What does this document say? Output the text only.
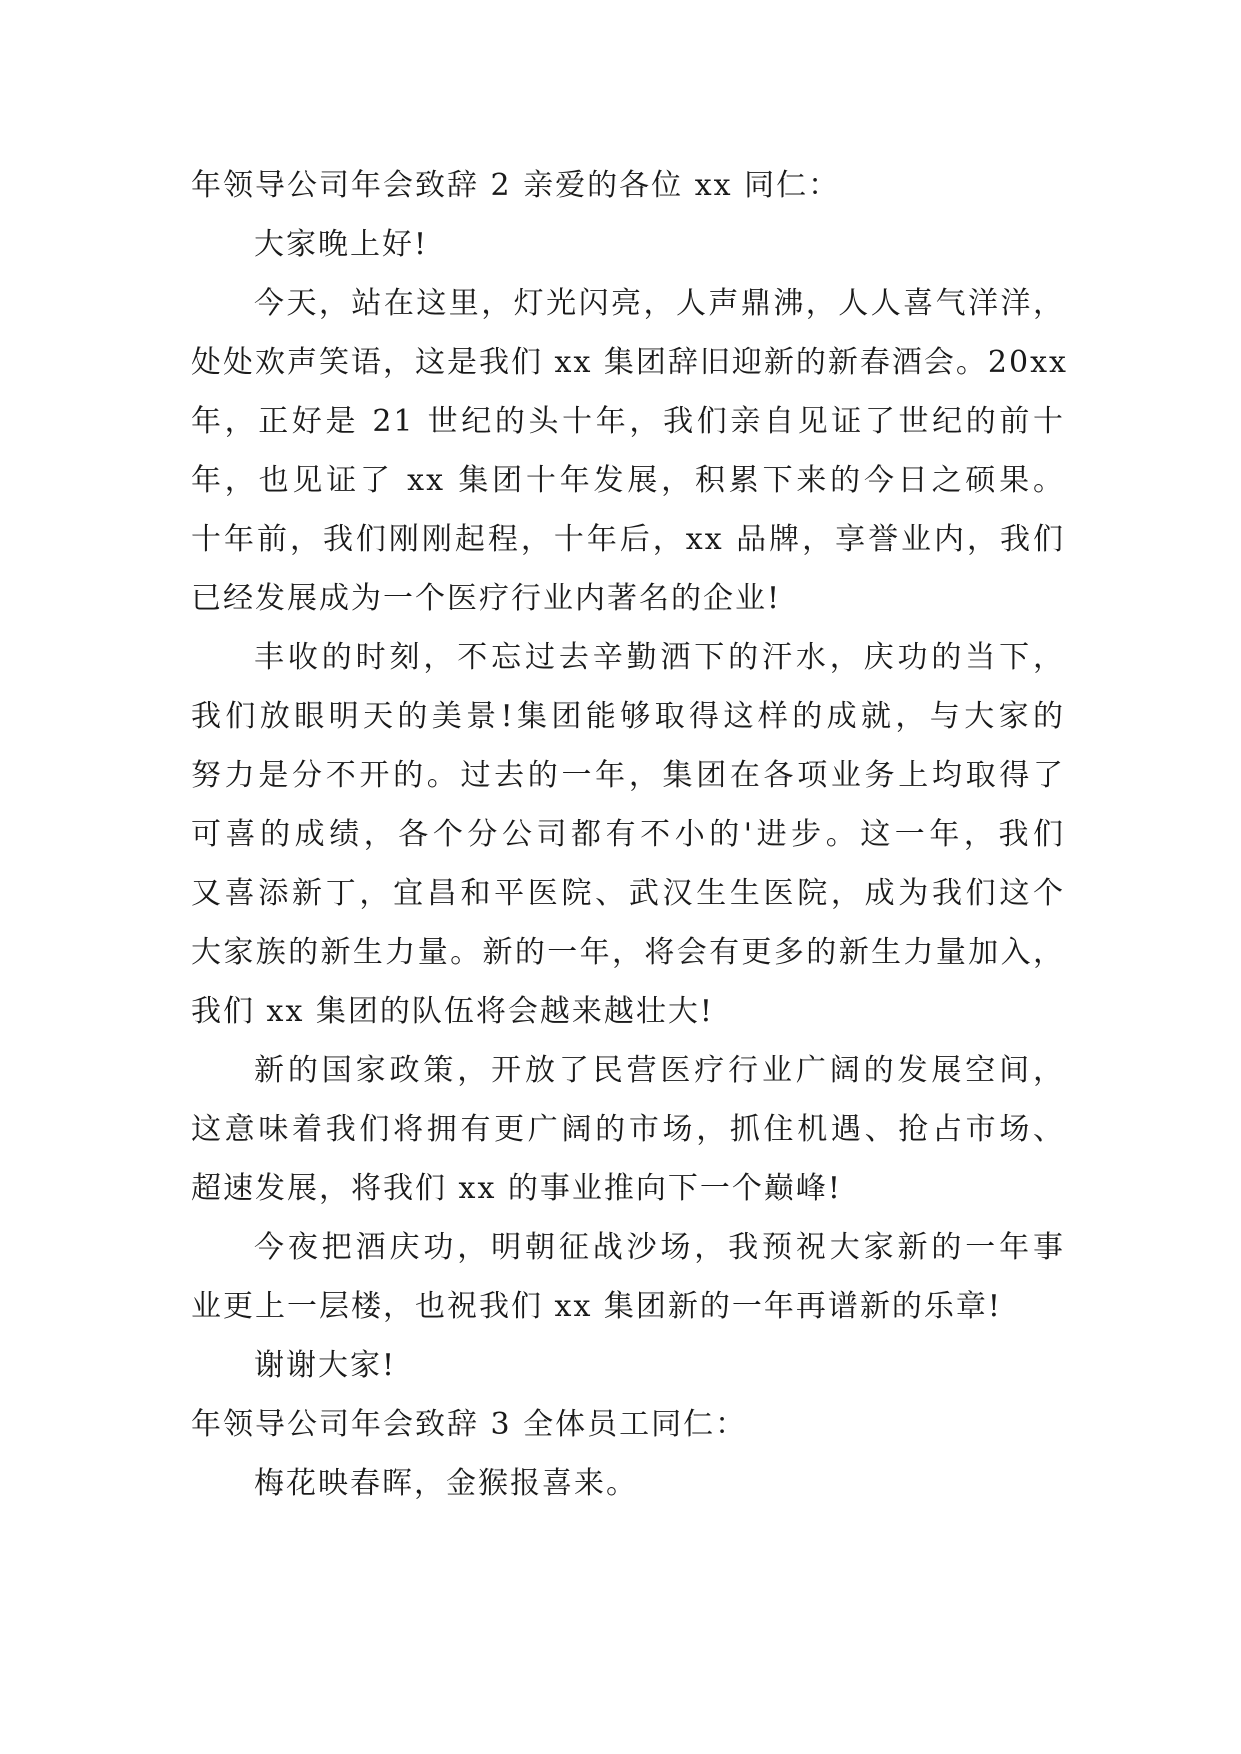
年领导公司年会致辞 2 亲爱的各位 xx 同仁：
大家晚上好!
今天，站在这里，灯光闪亮，人声鼎沸，人人喜气洋洋，
处处欢声笑语，这是我们 xx 集团辞旧迎新的新春酒会。20xx
年，正好是 21 世纪的头十年，我们亲自见证了世纪的前十
年，也见证了 xx 集团十年发展，积累下来的今日之硕果。
十年前，我们刚刚起程，十年后，xx 品牌，享誉业内，我们
已经发展成为一个医疗行业内著名的企业!
丰收的时刻，不忘过去辛勤洒下的汗水，庆功的当下，
我们放眼明天的美景!集团能够取得这样的成就，与大家的
努力是分不开的。过去的一年，集团在各项业务上均取得了
可喜的成绩，各个分公司都有不小的'进步。这一年，我们
又喜添新丁，宜昌和平医院、武汉生生医院，成为我们这个
大家族的新生力量。新的一年，将会有更多的新生力量加入，
我们 xx 集团的队伍将会越来越壮大!
新的国家政策，开放了民营医疗行业广阔的发展空间，
这意味着我们将拥有更广阔的市场，抓住机遇、抢占市场、
超速发展，将我们 xx 的事业推向下一个巅峰!
今夜把酒庆功，明朝征战沙场，我预祝大家新的一年事
业更上一层楼，也祝我们 xx 集团新的一年再谱新的乐章!
谢谢大家!
年领导公司年会致辞 3 全体员工同仁：
梅花映春晖，金猴报喜来。
